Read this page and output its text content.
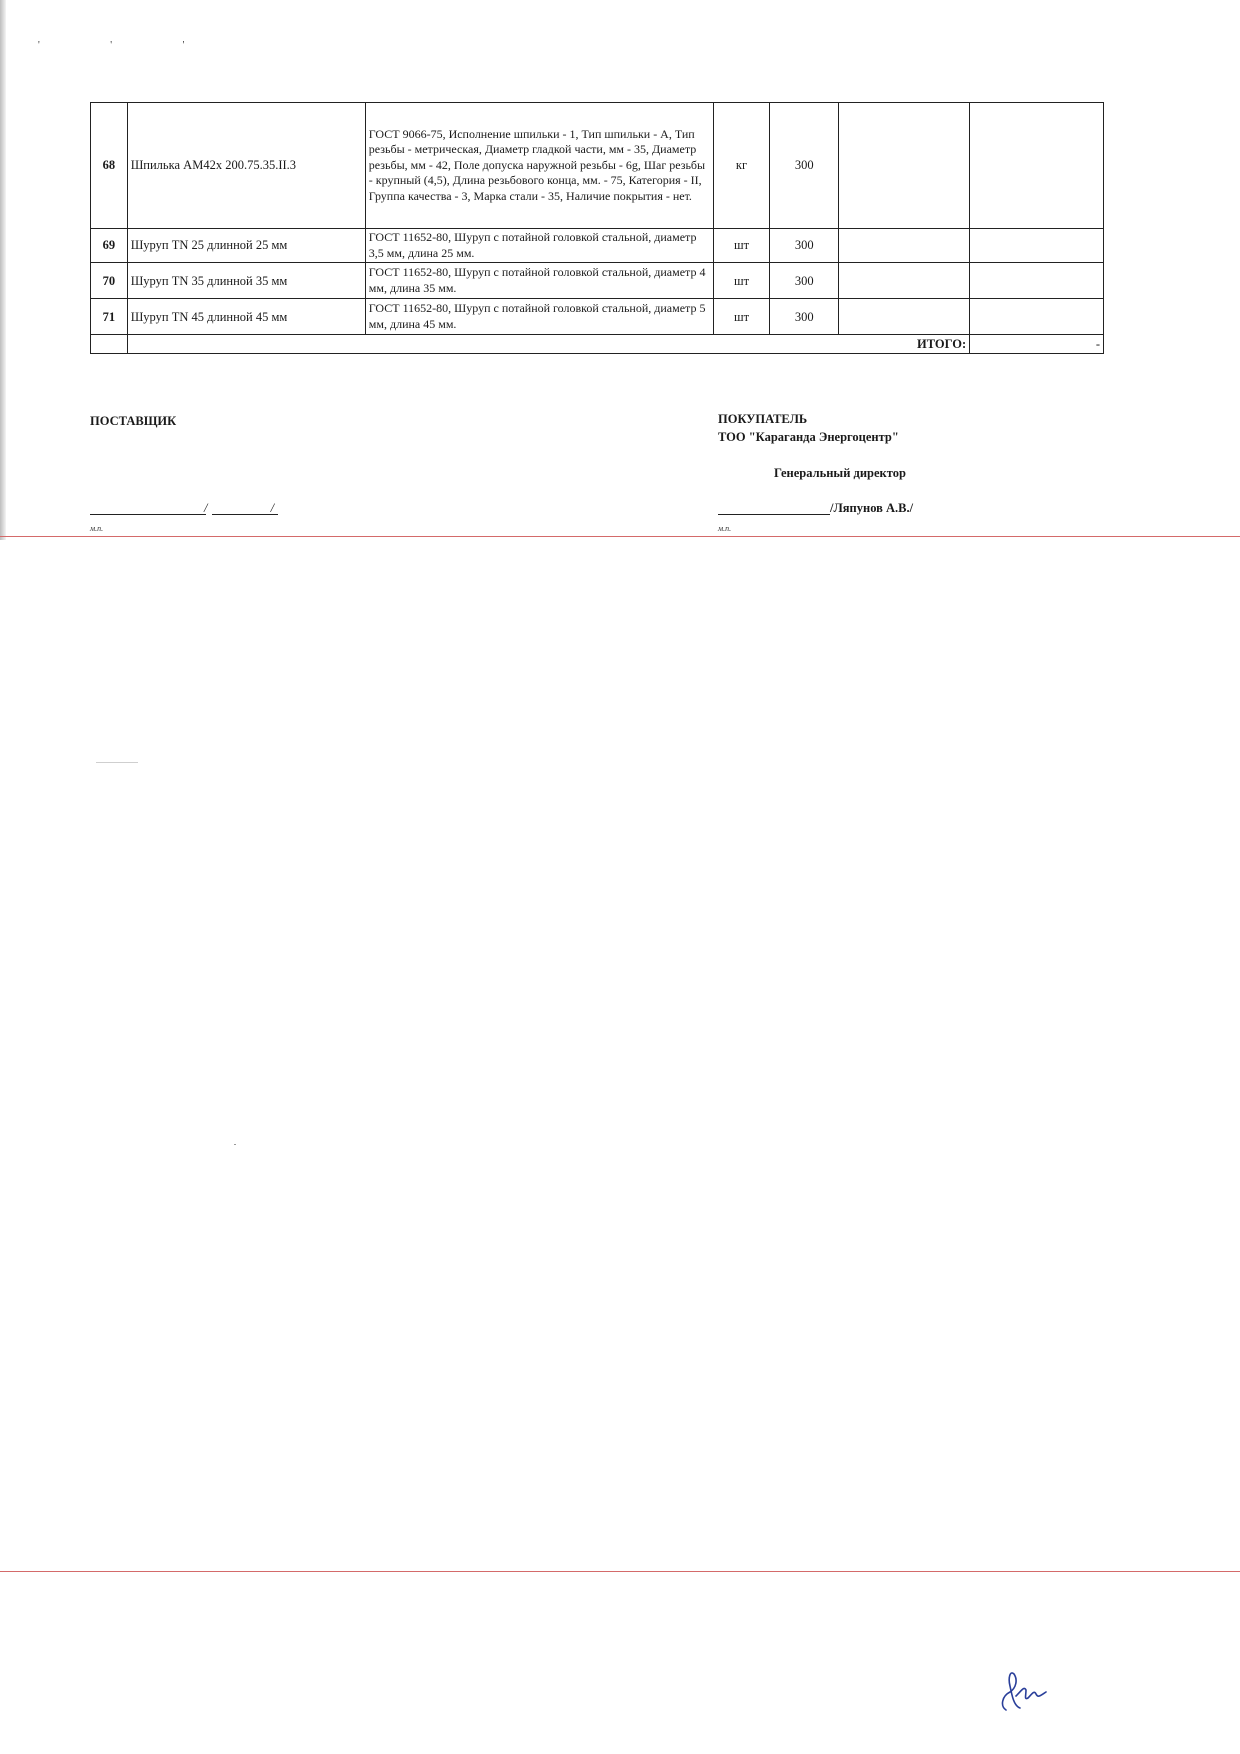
' ' '
68	Шпилька АМ42х 200.75.35.II.3	ГОСТ 9066-75, Исполнение шпильки - 1, Тип шпильки - А, Тип резьбы - метрическая, Диаметр гладкой части, мм - 35, Диаметр резьбы, мм - 42, Поле допуска наружной резьбы - 6g, Шаг резьбы - крупный (4,5), Длина резьбового конца, мм. - 75, Категория - II, Группа качества - 3, Марка стали - 35, Наличие покрытия - нет.	кг	300		
69	Шуруп TN 25 длинной 25 мм	ГОСТ 11652-80, Шуруп с потайной головкой стальной, диаметр 3,5 мм, длина 25 мм.	шт	300		
70	Шуруп TN 35 длинной 35 мм	ГОСТ 11652-80, Шуруп с потайной головкой стальной, диаметр 4 мм, длина 35 мм.	шт	300		
71	Шуруп TN 45 длинной 45 мм	ГОСТ 11652-80, Шуруп с потайной головкой стальной, диаметр 5 мм, длина 45 мм.	шт	300		
	ИТОГО:					-
ПОСТАВЩИК
/ /
м.п.
ПОКУПАТЕЛЬ
ТОО "Караганда Энергоцентр"
Генеральный директор
/Ляпунов А.В./
м.п.
